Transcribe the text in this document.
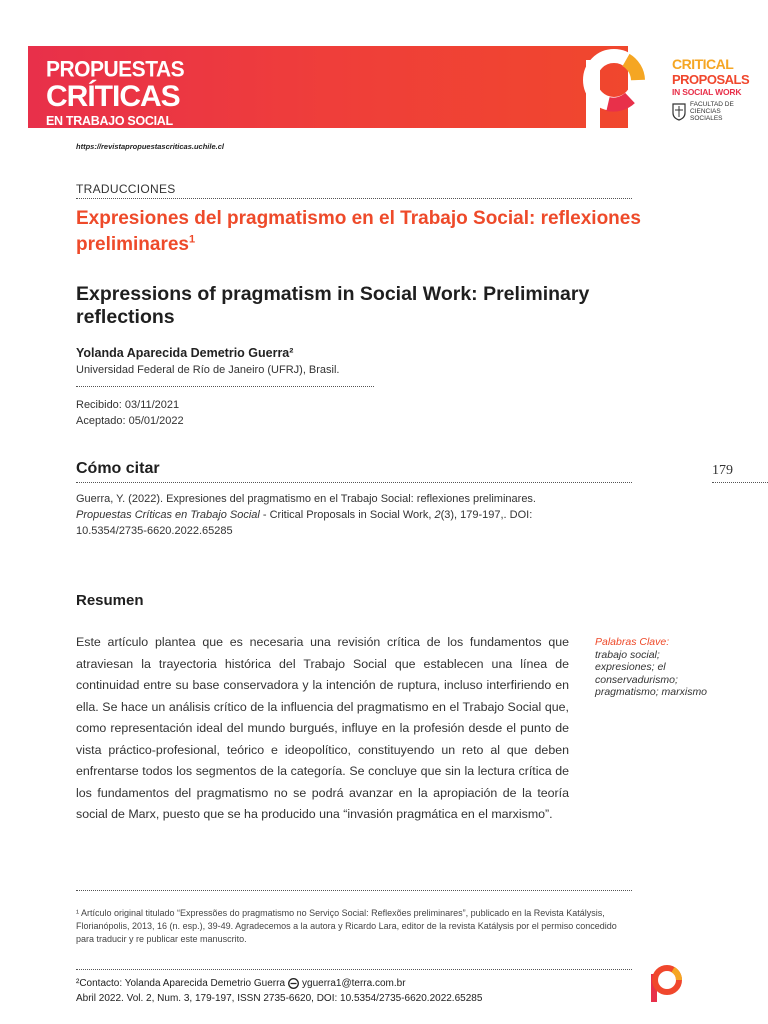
PROPUESTAS
CRÍTICAS
EN TRABAJO SOCIAL
CRITICAL
PROPOSALS
IN SOCIAL WORK
FACULTAD DE
CIENCIAS
SOCIALES
https://revistapropuestascriticas.uchile.cl
TRADUCCIONES
Expresiones del pragmatismo en el Trabajo Social: reflexiones preliminares$^1$
Expressions of pragmatism in Social Work: Preliminary reflections
Yolanda Aparecida Demetrio Guerra²
Universidad Federal de Río de Janeiro (UFRJ), Brasil.
Recibido: 03/11/2021
Aceptado: 05/01/2022
Cómo citar	179
Guerra, Y. (2022). Expresiones del pragmatismo en el Trabajo Social: reflexiones preliminares. Propuestas Críticas en Trabajo Social - Critical Proposals in Social Work, 2(3), 179-197,. DOI: 10.5354/2735-6620.2022.65285
Resumen
Este artículo plantea que es necesaria una revisión crítica de los fundamentos que atraviesan la trayectoria histórica del Trabajo Social que establecen una línea de continuidad entre su base conservadora y la intención de ruptura, incluso interfiriendo en ella. Se hace un análisis crítico de la influencia del pragmatismo en el Trabajo Social que, como representación ideal del mundo burgués, influye en la profesión desde el punto de vista práctico-profesional, teórico e ideopolítico, constituyendo un reto al que deben enfrentarse todos los segmentos de la categoría. Se concluye que sin la lectura crítica de los fundamentos del pragmatismo no se podrá avanzar en la apropiación de la teoría social de Marx, puesto que se ha producido una “invasión pragmática en el marxismo”.
Palabras Clave:
trabajo social; expresiones; el conservadurismo; pragmatismo; marxismo
¹ Artículo original titulado “Expressões do pragmatismo no Serviço Social: Reflexões preliminares”, publicado en la Revista Katálysis, Florianópolis, 2013, 16 (n. esp.), 39-49. Agradecemos a la autora y Ricardo Lara, editor de la revista Katálysis por el permiso concedido para traducir y re publicar este manuscrito.
²Contacto: Yolanda Aparecida Demetrio Guerra yguerra1@terra.com.br
Abril 2022. Vol. 2, Num. 3, 179-197, ISSN 2735-6620, DOI: 10.5354/2735-6620.2022.65285
